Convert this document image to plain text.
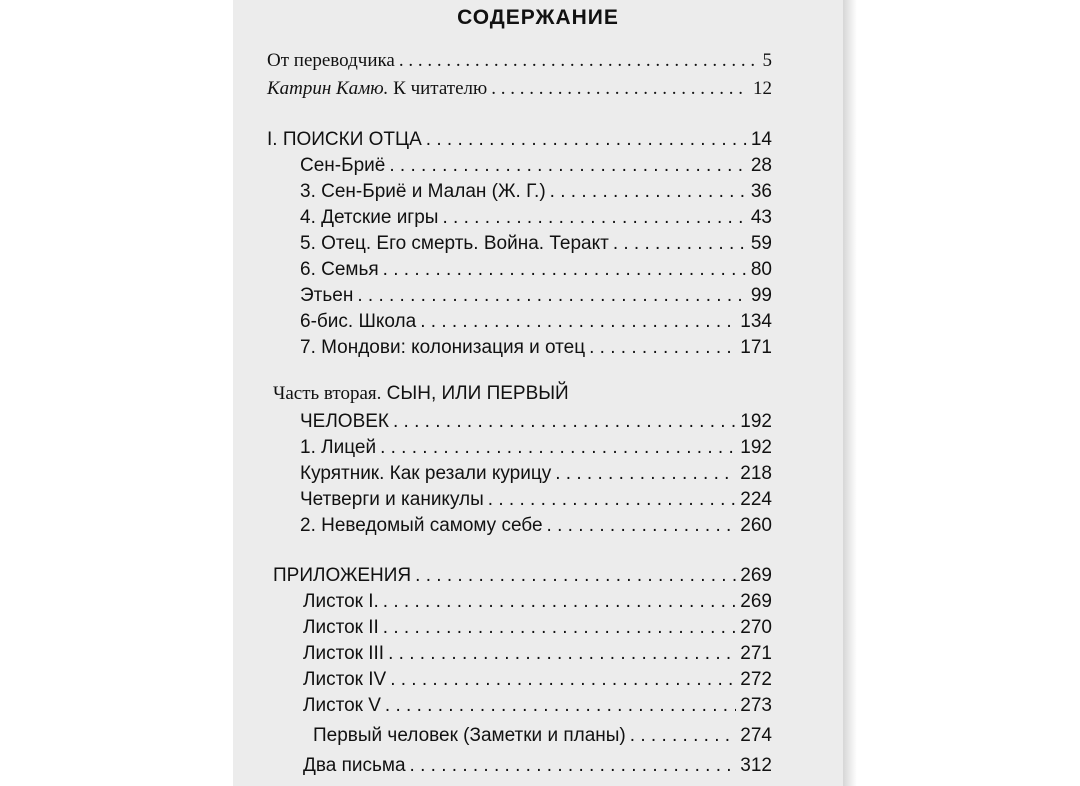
СОДЕРЖАНИЕ
От переводчика . . .	5
Катрин Камю. К читателю . . .	12
I. ПОИСКИ ОТЦА . . .	14
Сен-Бриё . . .	28
3. Сен-Бриё и Малан (Ж. Г.) . . .	36
4. Детские игры . . .	43
5. Отец. Его смерть. Война. Теракт . . .	59
6. Семья . . .	80
Этьен . . .	99
6-бис. Школа . . .	134
7. Мондови: колонизация и отец . . .	171
Часть вторая. СЫН, ИЛИ ПЕРВЫЙ
ЧЕЛОВЕК . . .	192
1. Лицей . . .	192
Курятник. Как резали курицу . . .	218
Четверги и каникулы . . .	224
2. Неведомый самому себе . . .	260
ПРИЛОЖЕНИЯ . . .	269
Листок I. . . .	269
Листок II . . .	270
Листок III . . .	271
Листок IV . . .	272
Листок V . . .	273
Первый человек (Заметки и планы) . . .	274
Два письма . . .	312
